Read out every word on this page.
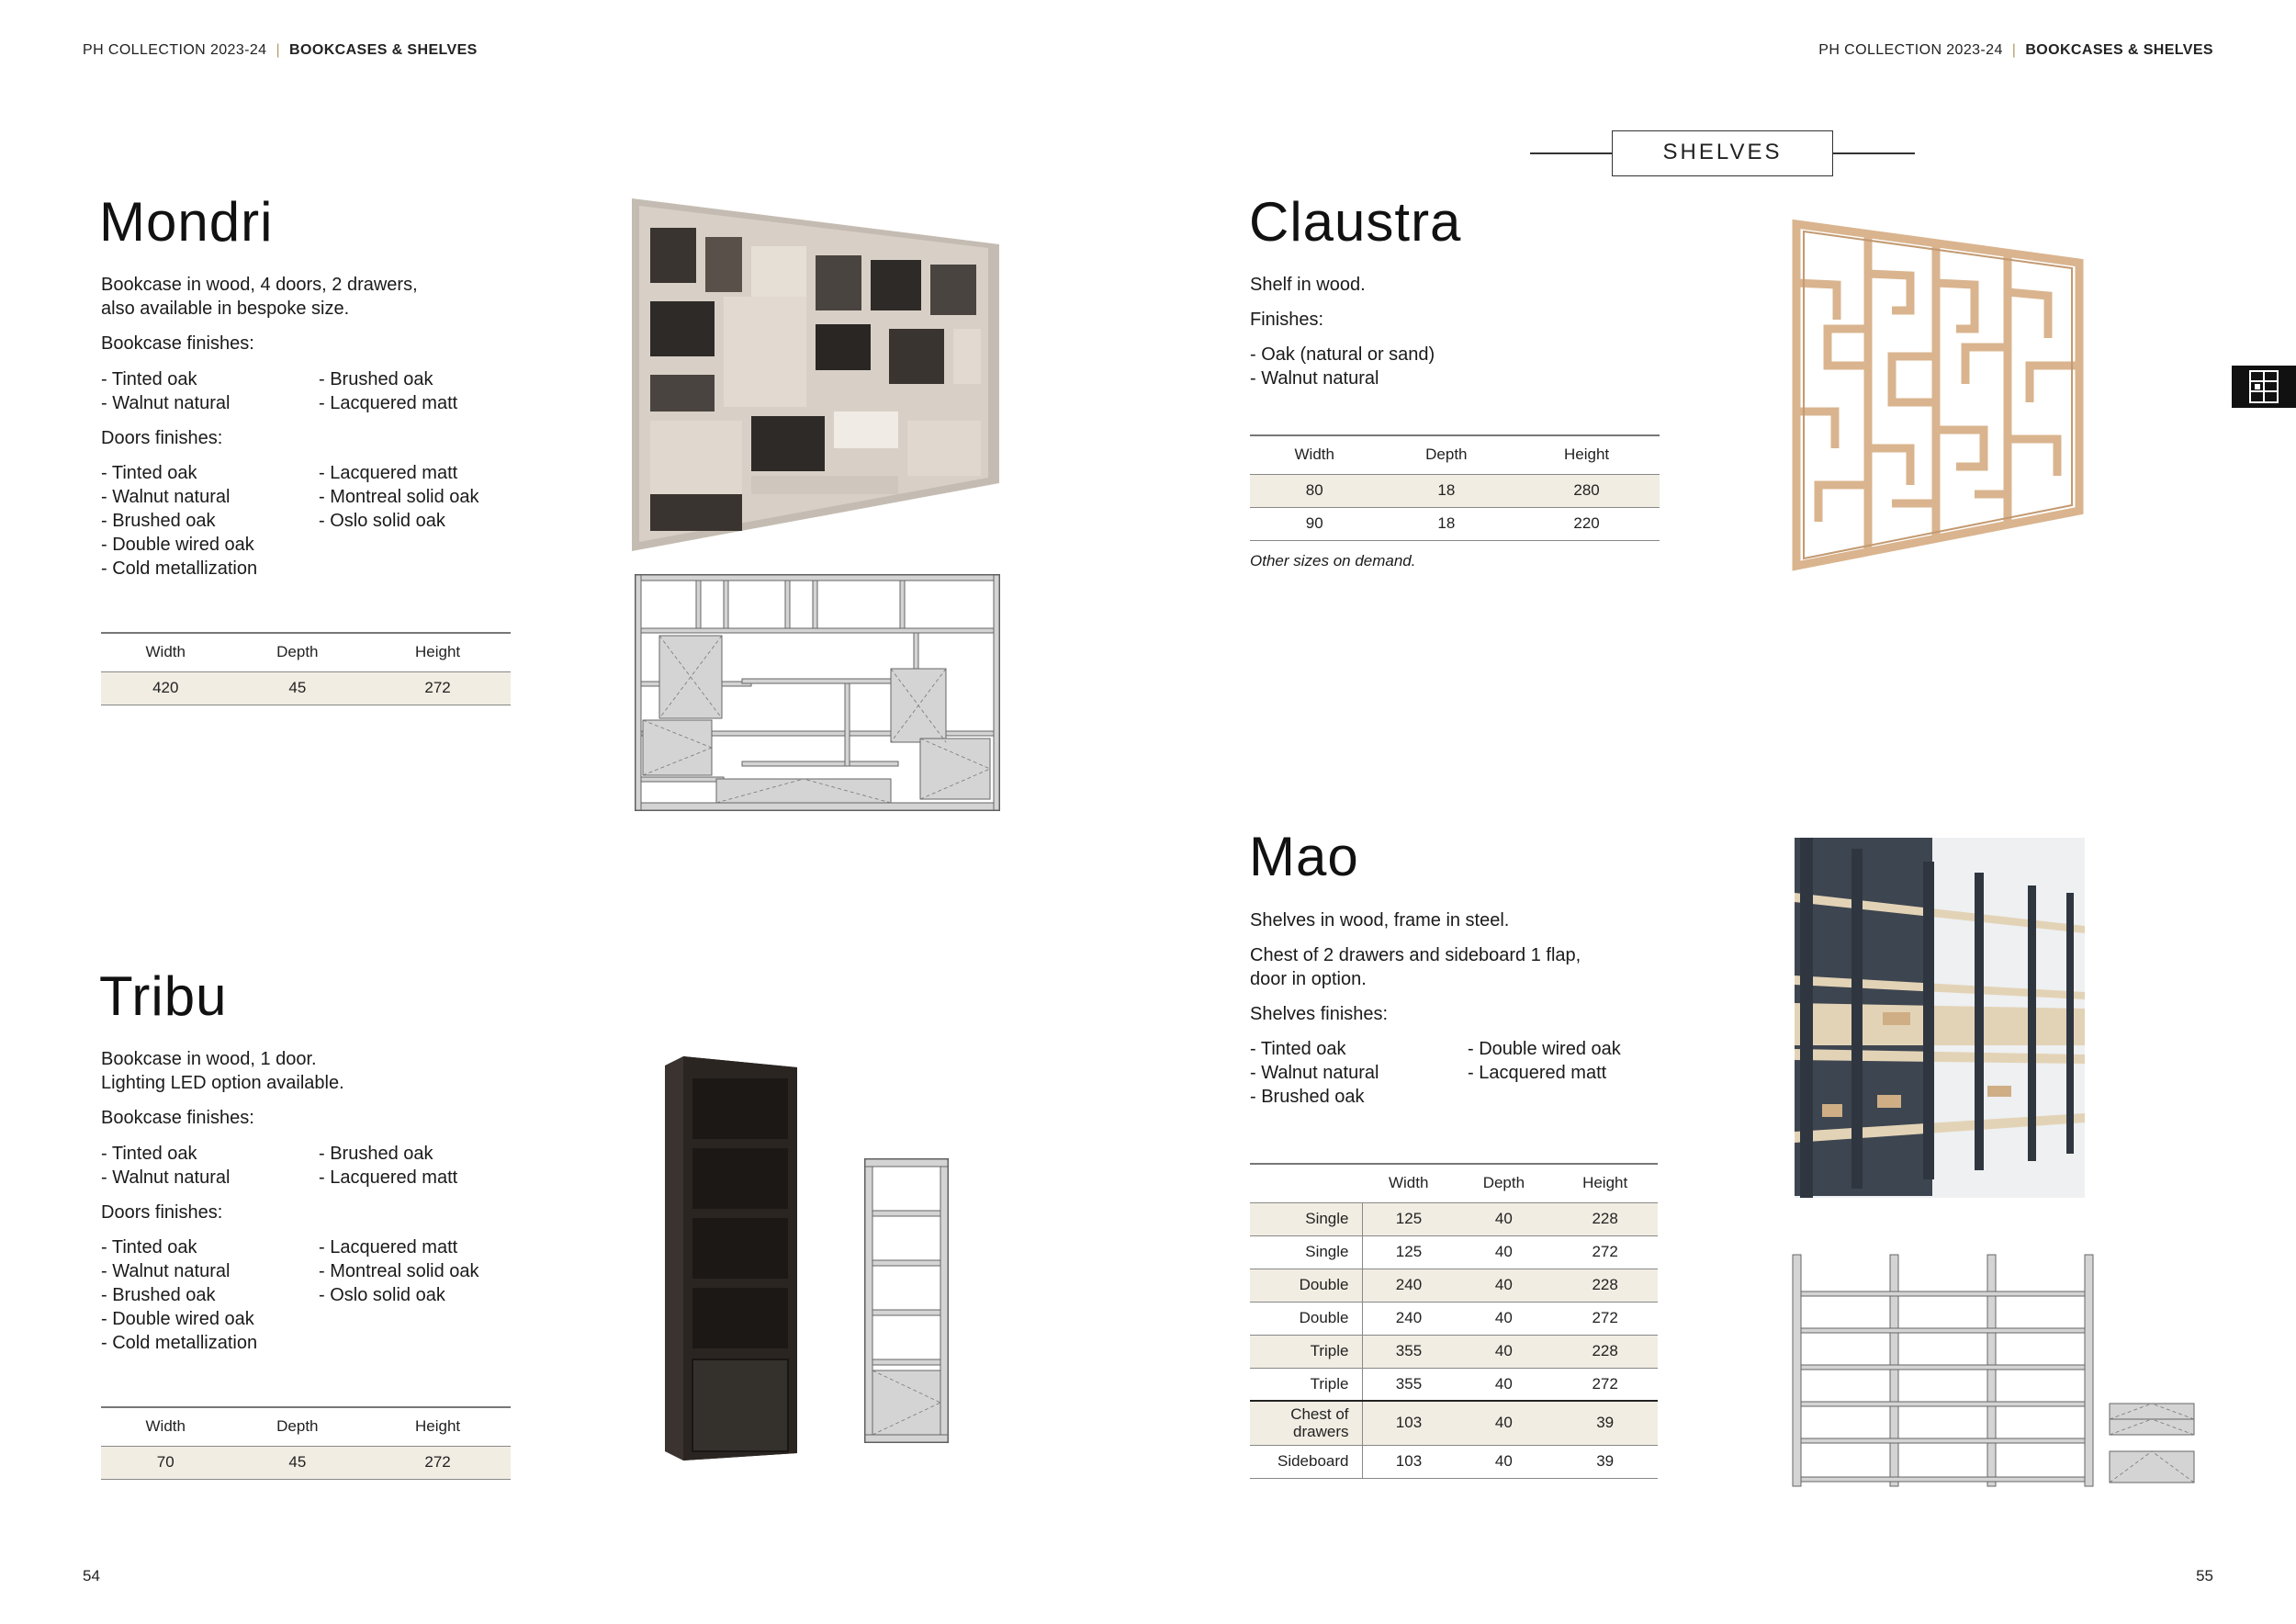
PH COLLECTION 2023-24 | BOOKCASES & SHELVES	PH COLLECTION 2023-24 | BOOKCASES & SHELVES
SHELVES
Mondri
Bookcase in wood, 4 doors, 2 drawers,
also available in bespoke size.
Bookcase finishes:
- Tinted oak
- Walnut natural
- Brushed oak
- Lacquered matt
Doors finishes:
- Tinted oak
- Walnut natural
- Brushed oak
- Double wired oak
- Cold metallization
- Lacquered matt
- Montreal solid oak
- Oslo solid oak
Width	Depth	Height
420	45	272
Tribu
Bookcase in wood, 1 door.
Lighting LED option available.
Bookcase finishes:
- Tinted oak
- Walnut natural
- Brushed oak
- Lacquered matt
Doors finishes:
- Tinted oak
- Walnut natural
- Brushed oak
- Double wired oak
- Cold metallization
- Lacquered matt
- Montreal solid oak
- Oslo solid oak
Width	Depth	Height
70	45	272
Claustra
Shelf in wood.
Finishes:
- Oak (natural or sand)
- Walnut natural
Width	Depth	Height
80	18	280
90	18	220
Other sizes on demand.
Mao
Shelves in wood, frame in steel.
Chest of 2 drawers and sideboard 1 flap,
door in option.
Shelves finishes:
- Tinted oak
- Walnut natural
- Brushed oak
- Double wired oak
- Lacquered matt
	Width	Depth	Height
Single	125	40	228
Single	125	40	272
Double	240	40	228
Double	240	40	272
Triple	355	40	228
Triple	355	40	272
Chest of drawers	103	40	39
Sideboard	103	40	39
54	55
